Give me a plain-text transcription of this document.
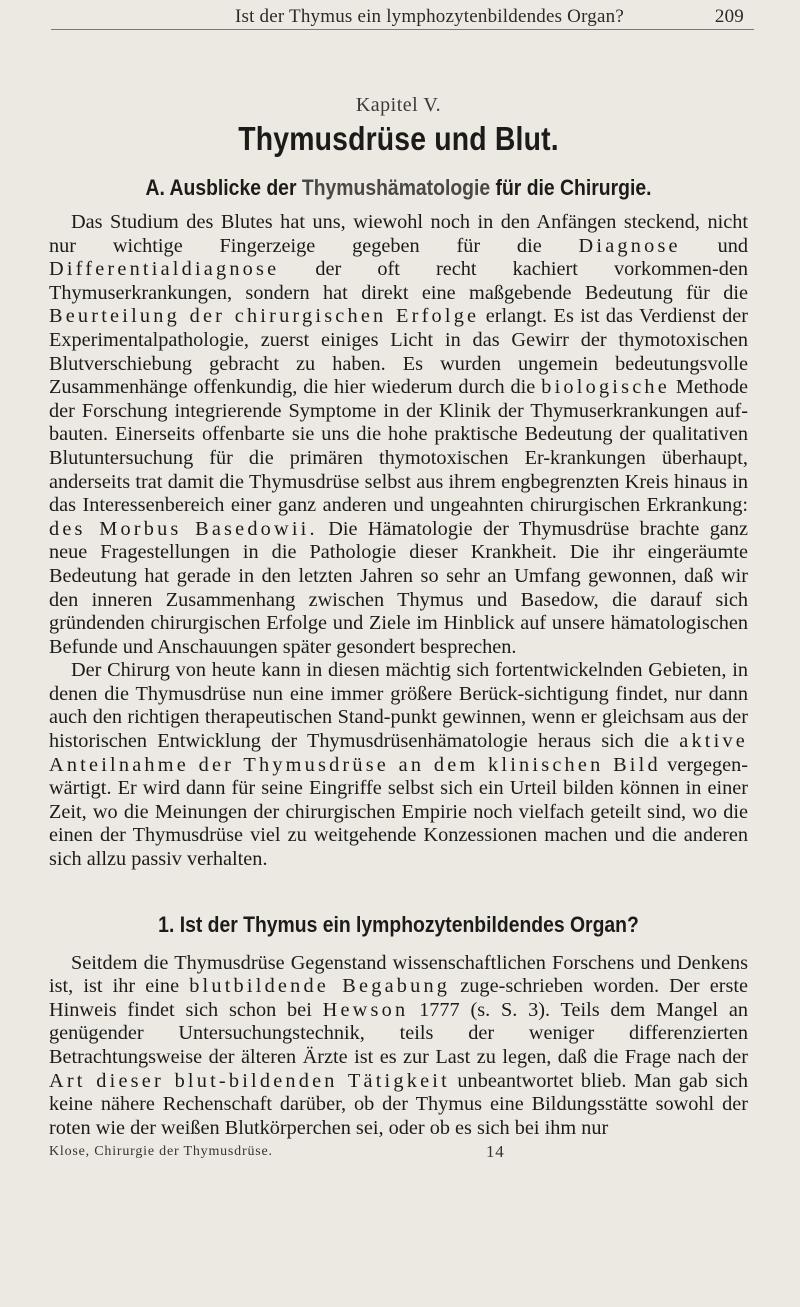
Ist der Thymus ein lymphozytenbildendes Organ?	209
Kapitel V.
Thymusdrüse und Blut.
A. Ausblicke der Thymushämatologie für die Chirurgie.

Das Studium des Blutes hat uns, wiewohl noch in den Anfängen steckend, nicht nur wichtige Fingerzeige gegeben für die Diagnose und Differentialdiagnose der oft recht kachiert vorkommen-den Thymuserkrankungen, sondern hat direkt eine maßgebende Bedeutung für die Beurteilung der chirurgischen Erfolge erlangt. Es ist das Verdienst der Experimentalpathologie, zuerst einiges Licht in das Gewirr der thymotoxischen Blutverschiebung gebracht zu haben. Es wurden ungemein bedeutungsvolle Zusammenhänge offenkundig, die hier wiederum durch die biologische Methode der Forschung integrierende Symptome in der Klinik der Thymuserkrankungen auf-bauten. Einerseits offenbarte sie uns die hohe praktische Bedeutung der qualitativen Blutuntersuchung für die primären thymotoxischen Er-krankungen überhaupt, anderseits trat damit die Thymusdrüse selbst aus ihrem engbegrenzten Kreis hinaus in das Interessenbereich einer ganz anderen und ungeahnten chirurgischen Erkrankung: des Morbus Basedowii. Die Hämatologie der Thymusdrüse brachte ganz neue Fragestellungen in die Pathologie dieser Krankheit. Die ihr eingeräumte Bedeutung hat gerade in den letzten Jahren so sehr an Umfang gewonnen, daß wir den inneren Zusammenhang zwischen Thymus und Basedow, die darauf sich gründenden chirurgischen Erfolge und Ziele im Hinblick auf unsere hämatologischen Befunde und Anschauungen später gesondert besprechen.

Der Chirurg von heute kann in diesen mächtig sich fortentwickelnden Gebieten, in denen die Thymusdrüse nun eine immer größere Berück-sichtigung findet, nur dann auch den richtigen therapeutischen Stand-punkt gewinnen, wenn er gleichsam aus der historischen Entwicklung der Thymusdrüsenhämatologie heraus sich die aktive Anteilnahme der Thymusdrüse an dem klinischen Bild vergegen-wärtigt. Er wird dann für seine Eingriffe selbst sich ein Urteil bilden können in einer Zeit, wo die Meinungen der chirurgischen Empirie noch vielfach geteilt sind, wo die einen der Thymusdrüse viel zu weitgehende Konzessionen machen und die anderen sich allzu passiv verhalten.

1. Ist der Thymus ein lymphozytenbildendes Organ?

Seitdem die Thymusdrüse Gegenstand wissenschaftlichen Forschens und Denkens ist, ist ihr eine blutbildende Begabung zuge-schrieben worden. Der erste Hinweis findet sich schon bei Hewson 1777 (s. S. 3). Teils dem Mangel an genügender Untersuchungstechnik, teils der weniger differenzierten Betrachtungsweise der älteren Ärzte ist es zur Last zu legen, daß die Frage nach der Art dieser blut-bildenden Tätigkeit unbeantwortet blieb. Man gab sich keine nähere Rechenschaft darüber, ob der Thymus eine Bildungsstätte sowohl der roten wie der weißen Blutkörperchen sei, oder ob es sich bei ihm nur

Klose, Chirurgie der Thymusdrüse.	14
